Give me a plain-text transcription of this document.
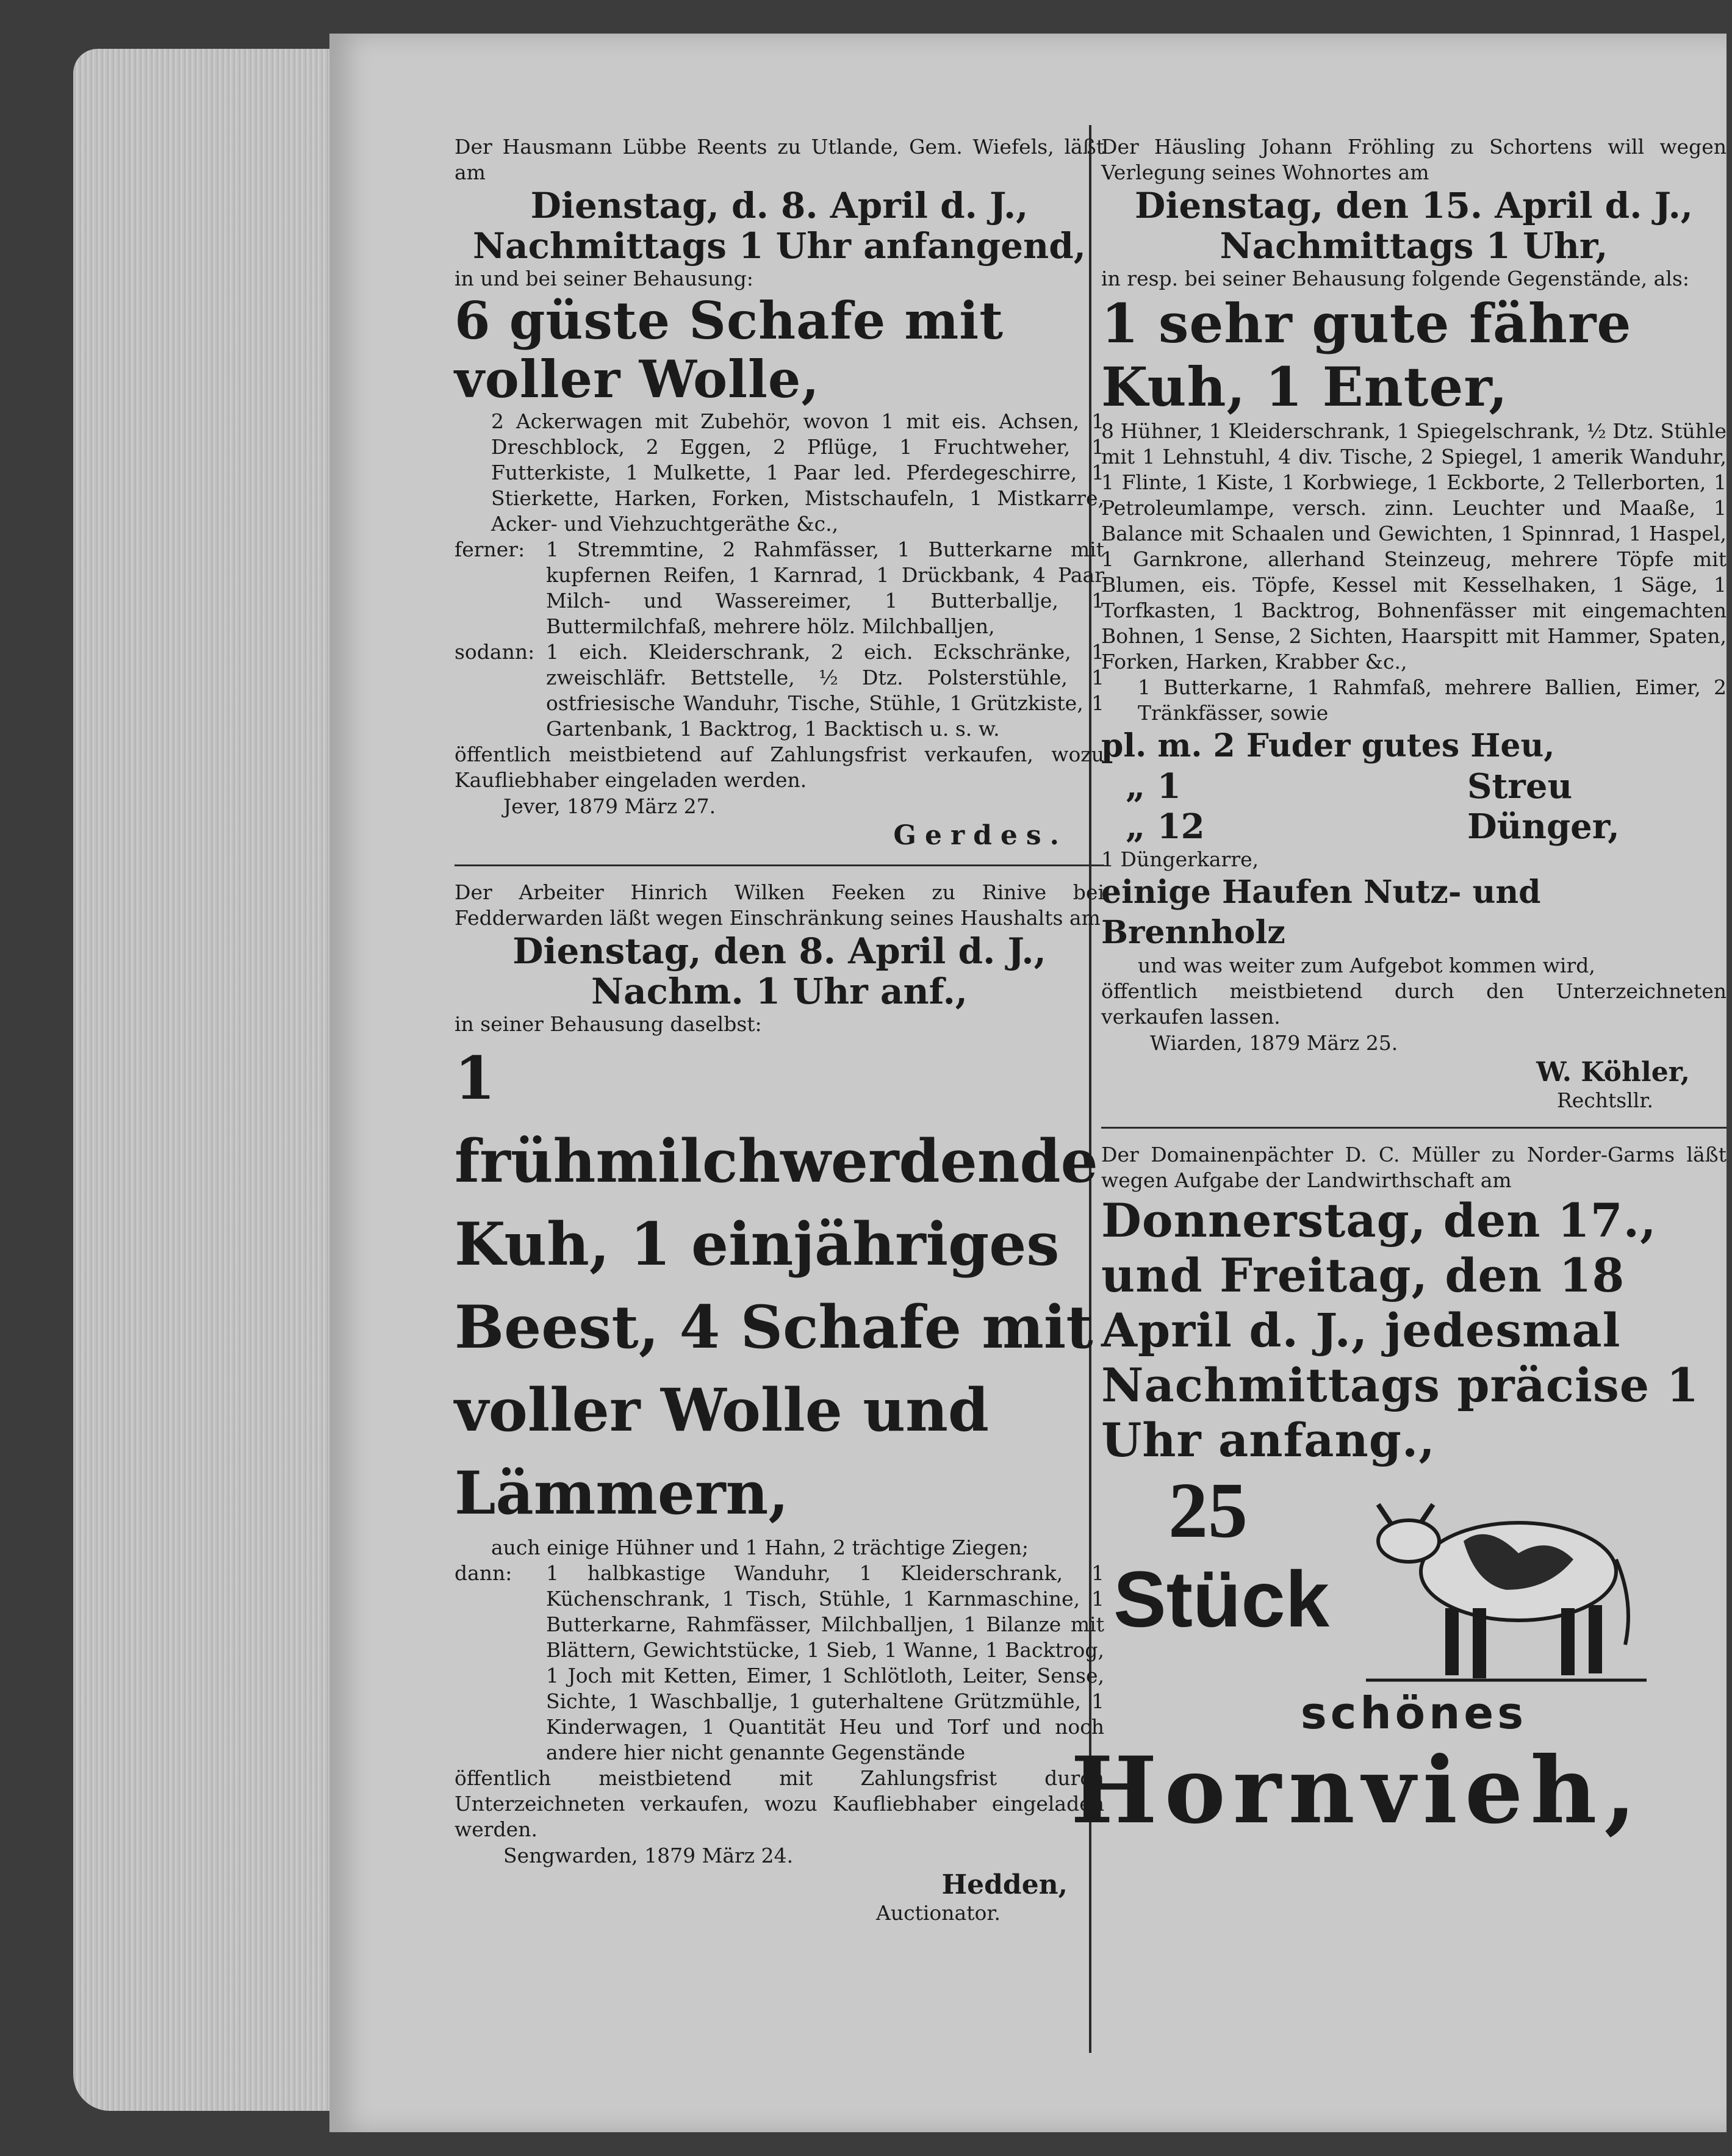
Der Hausmann Lübbe Reents zu Utlande, Gem. Wiefels, läßt am
Dienstag, d. 8. April d. J., Nachmittags 1 Uhr anfangend,
in und bei seiner Behausung:
6 güste Schafe mit voller Wolle,
2 Ackerwagen mit Zubehör, wovon 1 mit eis. Achsen, 1 Dreschblock, 2 Eggen, 2 Pflüge, 1 Fruchtweher, 1 Futterkiste, 1 Mulkette, 1 Paar led. Pferdegeschirre, 1 Stierkette, Harken, Forken, Mistschaufeln, 1 Mistkarre, Acker- und Viehzuchtgeräthe &c.,
ferner:	1 Stremmtine, 2 Rahmfässer, 1 Butterkarne mit kupfernen Reifen, 1 Karnrad, 1 Drückbank, 4 Paar Milch- und Wassereimer, 1 Butterballje, 1 Buttermilchfaß, mehrere hölz. Milchballjen,
sodann: 1 eich. Kleiderschrank, 2 eich. Eckschränke, 1 zweischläfr. Bettstelle, ½ Dtz. Polsterstühle, 1 ostfriesische Wanduhr, Tische, Stühle, 1 Grützkiste, 1 Gartenbank, 1 Backtrog, 1 Backtisch u. s. w.
öffentlich meistbietend auf Zahlungsfrist verkaufen, wozu Kaufliebhaber eingeladen werden.
Jever, 1879 März 27.
Gerdes.
Der Arbeiter Hinrich Wilken Feeken zu Rinive bei Fedderwarden läßt wegen Einschränkung seines Haushalts am
Dienstag, den 8. April d. J., Nachm. 1 Uhr anf.,
in seiner Behausung daselbst:
1 frühmilchwerdende Kuh, 1 einjähriges Beest, 4 Schafe mit voller Wolle und Lämmern,
auch einige Hühner und 1 Hahn, 2 trächtige Ziegen;
dann:	1 halbkastige Wanduhr, 1 Kleiderschrank, 1 Küchenschrank, 1 Tisch, Stühle, 1 Karnmaschine, 1 Butterkarne, Rahmfässer, Milchballjen, 1 Bilanze mit Blättern, Gewichtstücke, 1 Sieb, 1 Wanne, 1 Backtrog, 1 Joch mit Ketten, Eimer, 1 Schlötloth, Leiter, Sense, Sichte, 1 Waschballje, 1 guterhaltene Grützmühle, 1 Kinderwagen, 1 Quantität Heu und Torf und noch andere hier nicht genannte Gegenstände
öffentlich meistbietend mit Zahlungsfrist durch Unterzeichneten verkaufen, wozu Kaufliebhaber eingeladen werden.
Sengwarden, 1879 März 24.
Hedden,
Auctionator.
Der Häusling Johann Fröhling zu Schortens will wegen Verlegung seines Wohnortes am
Dienstag, den 15. April d. J., Nachmittags 1 Uhr,
in resp. bei seiner Behausung folgende Gegenstände, als:
1 sehr gute fähre Kuh, 1 Enter,
8 Hühner, 1 Kleiderschrank, 1 Spiegelschrank, ½ Dtz. Stühle mit 1 Lehnstuhl, 4 div. Tische, 2 Spiegel, 1 amerik Wanduhr, 1 Flinte, 1 Kiste, 1 Korbwiege, 1 Eckborte, 2 Tellerborten, 1 Petroleumlampe, versch. zinn. Leuchter und Maaße, 1 Balance mit Schaalen und Gewichten, 1 Spinnrad, 1 Haspel, 1 Garnkrone, allerhand Steinzeug, mehrere Töpfe mit Blumen, eis. Töpfe, Kessel mit Kesselhaken, 1 Säge, 1 Torfkasten, 1 Backtrog, Bohnenfässer mit eingemachten Bohnen, 1 Sense, 2 Sichten, Haarspitt mit Hammer, Spaten, Forken, Harken, Krabber &c.,
1 Butterkarne, 1 Rahmfaß, mehrere Ballien, Eimer, 2 Tränkfässer, sowie
pl. m. 2 Fuder gutes Heu,
„ 1	Streu
„ 12	Dünger,
1 Düngerkarre,
einige Haufen Nutz- und Brennholz
und was weiter zum Aufgebot kommen wird,
öffentlich meistbietend durch den Unterzeichneten verkaufen lassen.
Wiarden, 1879 März 25.
W. Köhler,
Rechtsllr.
Der Domainenpächter D. C. Müller zu Norder-Garms läßt wegen Aufgabe der Landwirthschaft am
Donnerstag, den 17., und Freitag, den 18 April d. J., jedesmal Nachmittags präcise 1 Uhr anfang.,
25
Stück
schönes
Hornvieh,
